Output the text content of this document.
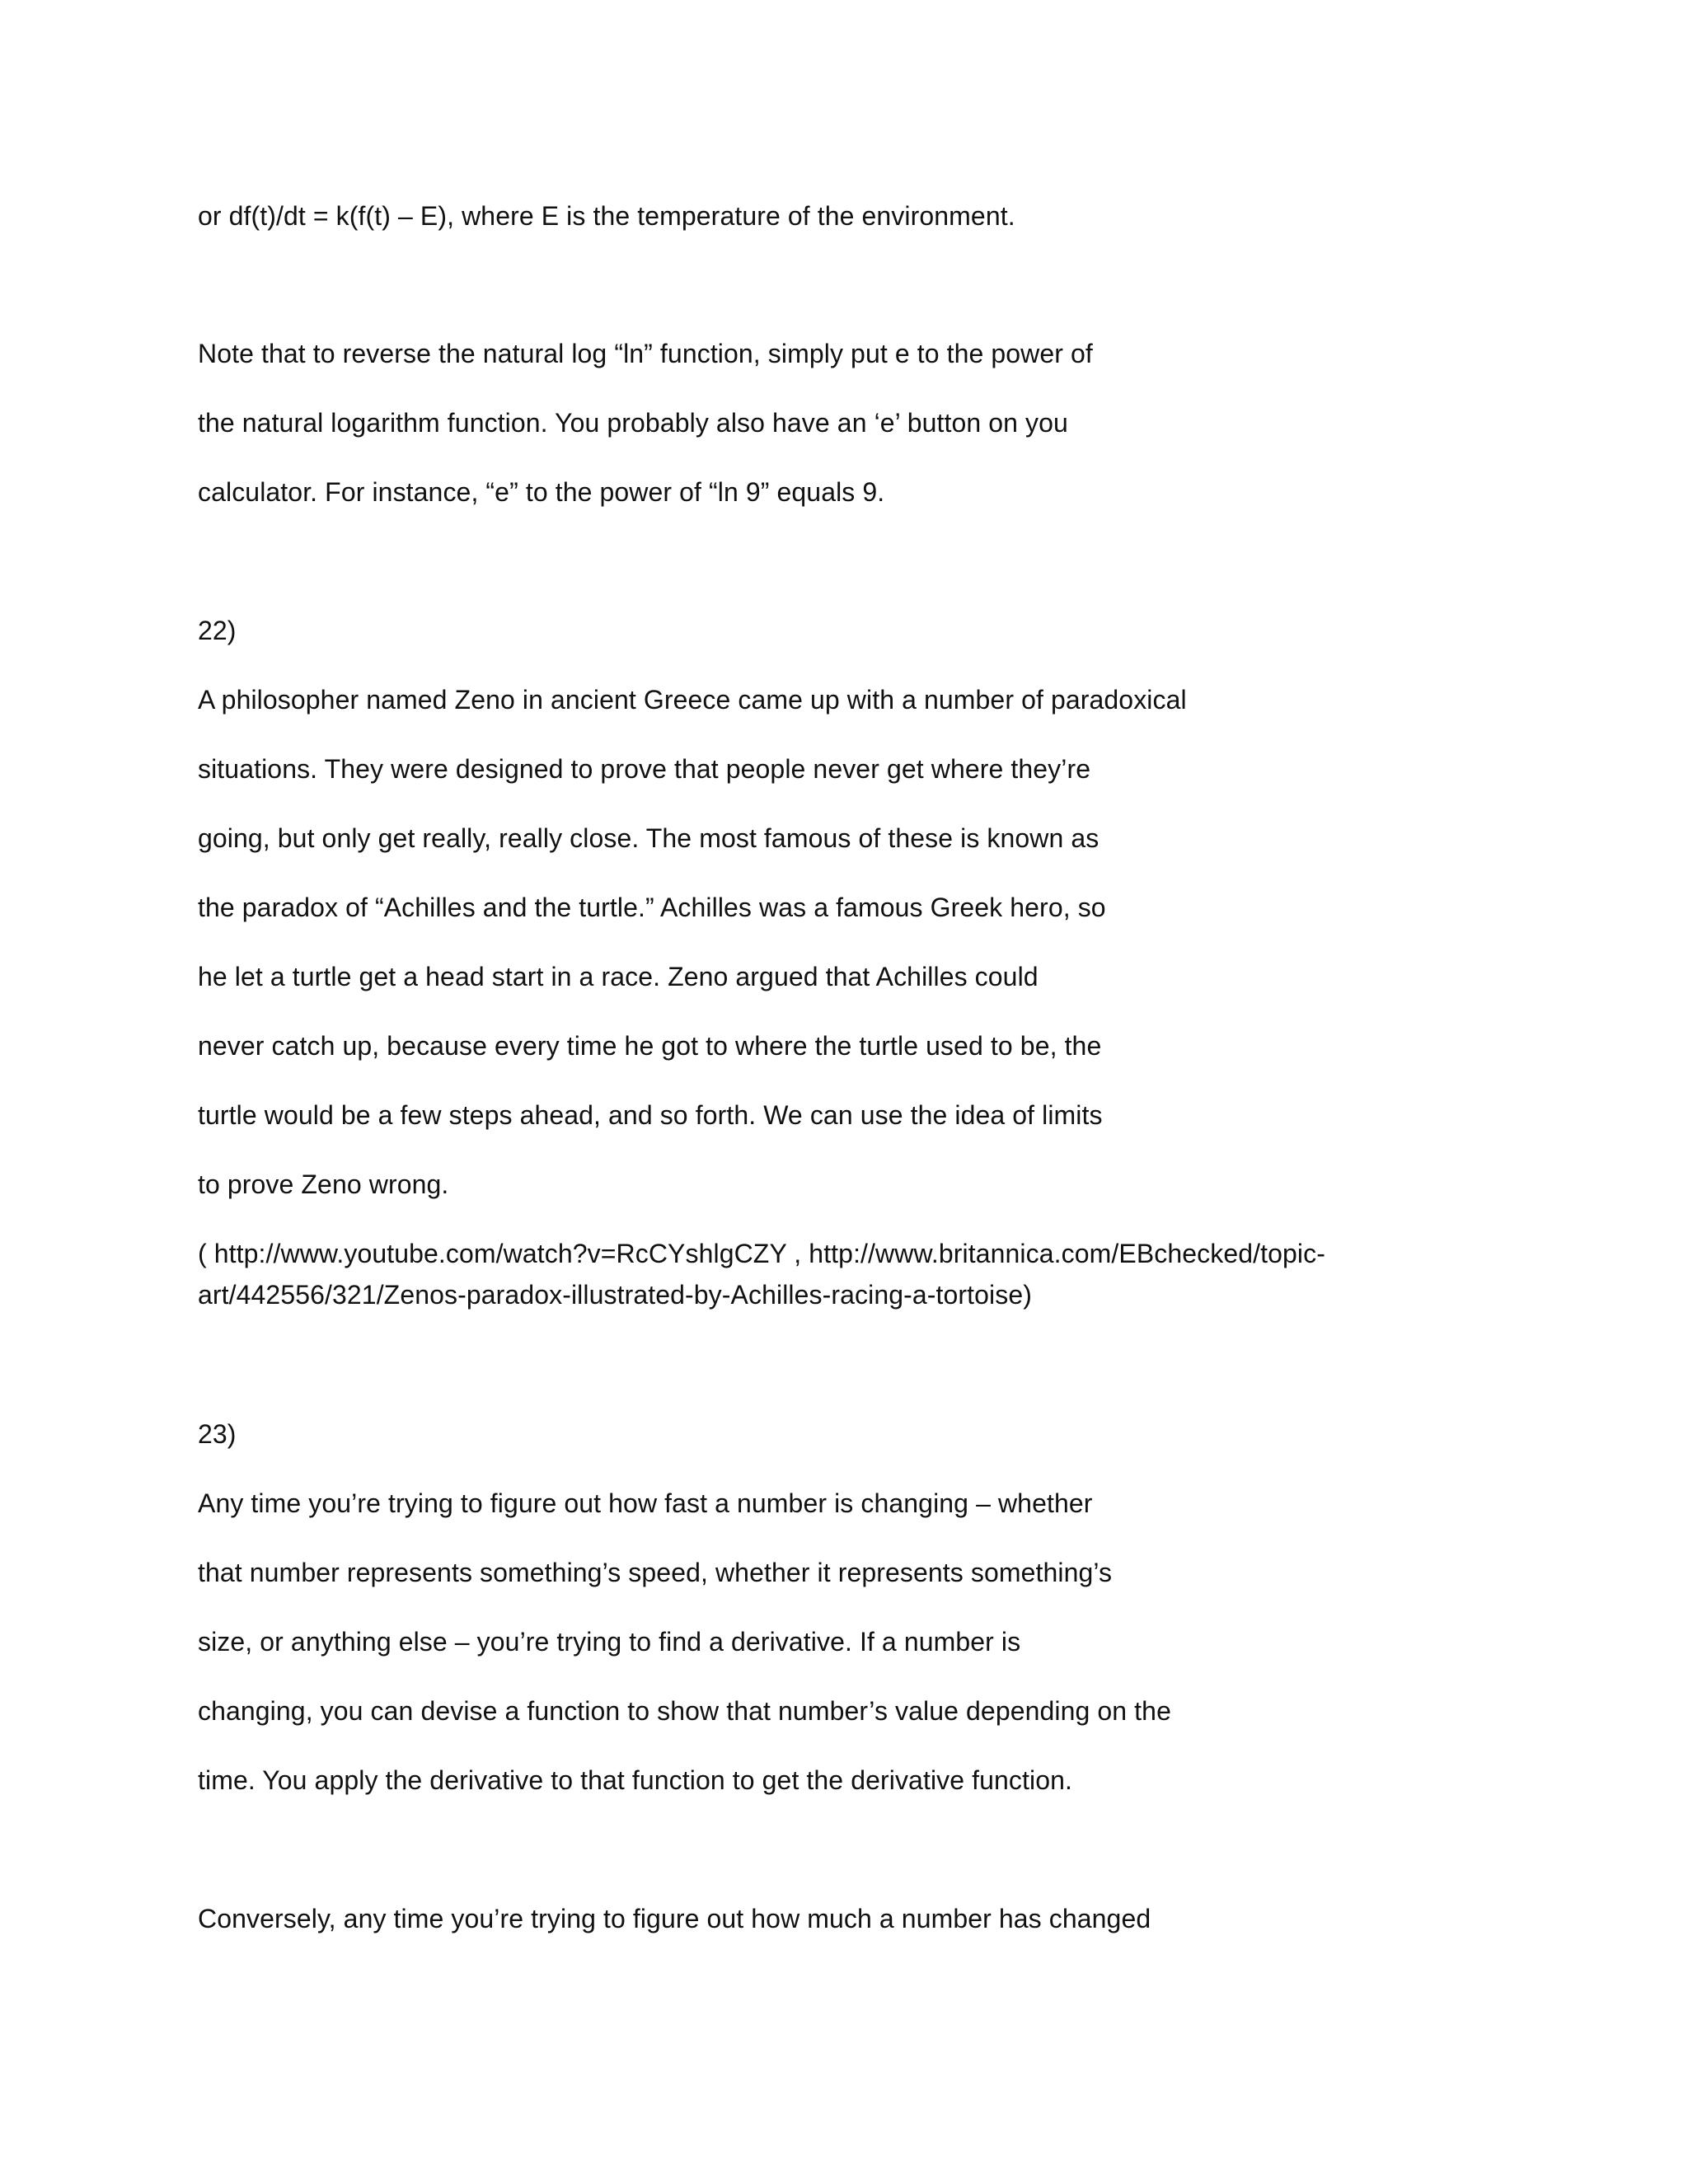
or df(t)/dt = k(f(t) – E), where E is the temperature of the environment.
Note that to reverse the natural log “ln” function, simply put e to the power of
the natural logarithm function. You probably also have an ‘e’ button on you
calculator. For instance, “e” to the power of “ln 9” equals 9.
22)
A philosopher named Zeno in ancient Greece came up with a number of paradoxical
situations. They were designed to prove that people never get where they’re
going, but only get really, really close. The most famous of these is known as
the paradox of “Achilles and the turtle.” Achilles was a famous Greek hero, so
he let a turtle get a head start in a race. Zeno argued that Achilles could
never catch up, because every time he got to where the turtle used to be, the
turtle would be a few steps ahead, and so forth. We can use the idea of limits
to prove Zeno wrong.
( http://www.youtube.com/watch?v=RcCYshlgCZY , http://www.britannica.com/EBchecked/topic-
art/442556/321/Zenos-paradox-illustrated-by-Achilles-racing-a-tortoise)
23)
Any time you’re trying to figure out how fast a number is changing – whether
that number represents something’s speed, whether it represents something’s
size, or anything else – you’re trying to find a derivative. If a number is
changing, you can devise a function to show that number’s value depending on the
time. You apply the derivative to that function to get the derivative function.
Conversely, any time you’re trying to figure out how much a number has changed
